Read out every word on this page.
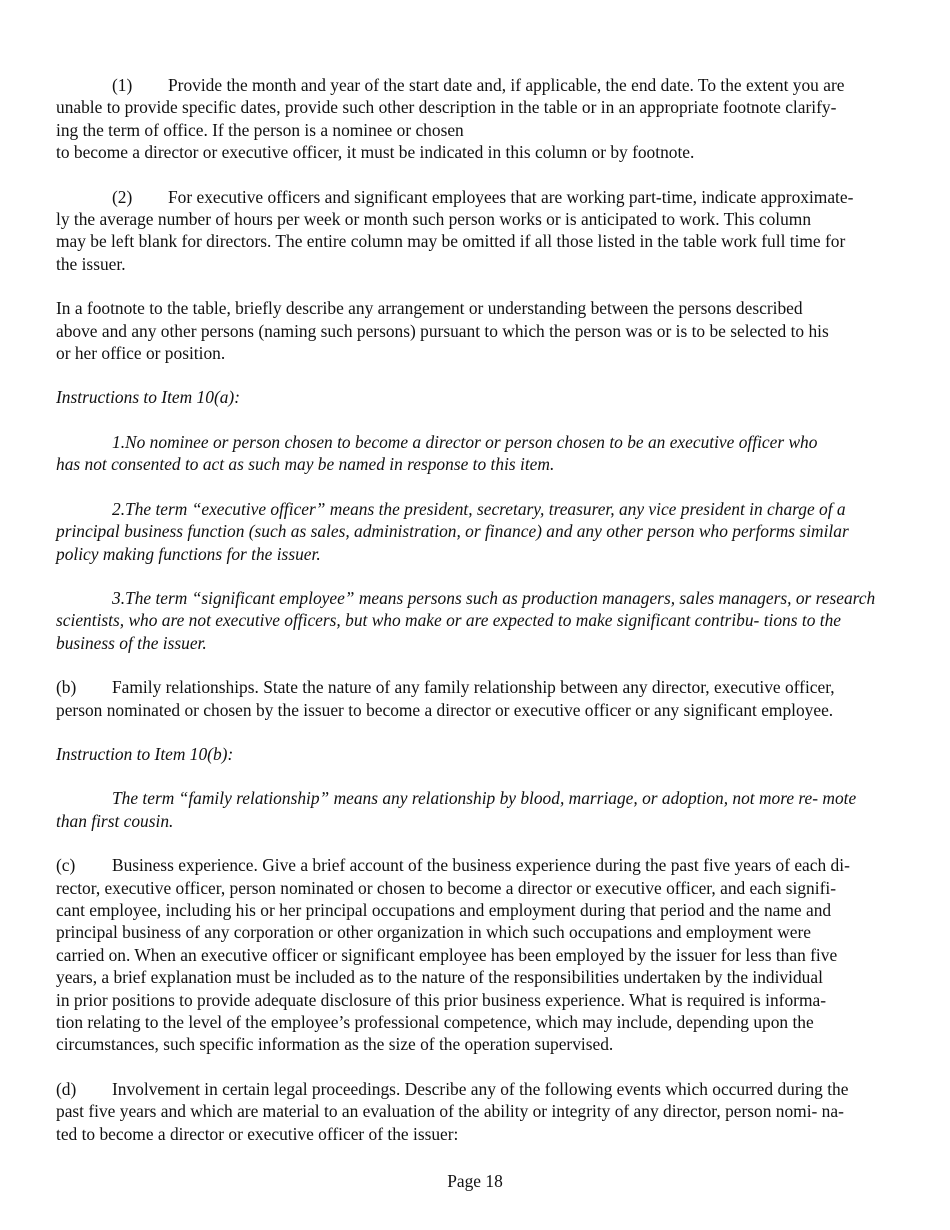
(1) Provide the month and year of the start date and, if applicable, the end date. To the extent you are
unable to provide specific dates, provide such other description in the table or in an appropriate footnote clarify-
ing the term of office. If the person is a nominee or chosen
to become a director or executive officer, it must be indicated in this column or by footnote.

(2) For executive officers and significant employees that are working part-time, indicate approximate-
ly the average number of hours per week or month such person works or is anticipated to work. This column
may be left blank for directors. The entire column may be omitted if all those listed in the table work full time for
the issuer.

In a footnote to the table, briefly describe any arrangement or understanding between the persons described
above and any other persons (naming such persons) pursuant to which the person was or is to be selected to his
or her office or position.

Instructions to Item 10(a):

1.No nominee or person chosen to become a director or person chosen to be an executive officer who
has not consented to act as such may be named in response to this item.

2.The term “executive officer” means the president, secretary, treasurer, any vice president in charge of a
principal business function (such as sales, administration, or finance) and any other person who performs similar
policy making functions for the issuer.

3.The term “significant employee” means persons such as production managers, sales managers, or research
scientists, who are not executive officers, but who make or are expected to make significant contribu- tions to the
business of the issuer.

(b) Family relationships. State the nature of any family relationship between any director, executive officer,
person nominated or chosen by the issuer to become a director or executive officer or any significant employee.

Instruction to Item 10(b):

The term “family relationship” means any relationship by blood, marriage, or adoption, not more re- mote
than first cousin.

(c) Business experience. Give a brief account of the business experience during the past five years of each di-
rector, executive officer, person nominated or chosen to become a director or executive officer, and each signifi-
cant employee, including his or her principal occupations and employment during that period and the name and
principal business of any corporation or other organization in which such occupations and employment were
carried on. When an executive officer or significant employee has been employed by the issuer for less than five
years, a brief explanation must be included as to the nature of the responsibilities undertaken by the individual
in prior positions to provide adequate disclosure of this prior business experience. What is required is informa-
tion relating to the level of the employee’s professional competence, which may include, depending upon the
circumstances, such specific information as the size of the operation supervised.

(d) Involvement in certain legal proceedings. Describe any of the following events which occurred during the
past five years and which are material to an evaluation of the ability or integrity of any director, person nomi- na-
ted to become a director or executive officer of the issuer:

Page 18
